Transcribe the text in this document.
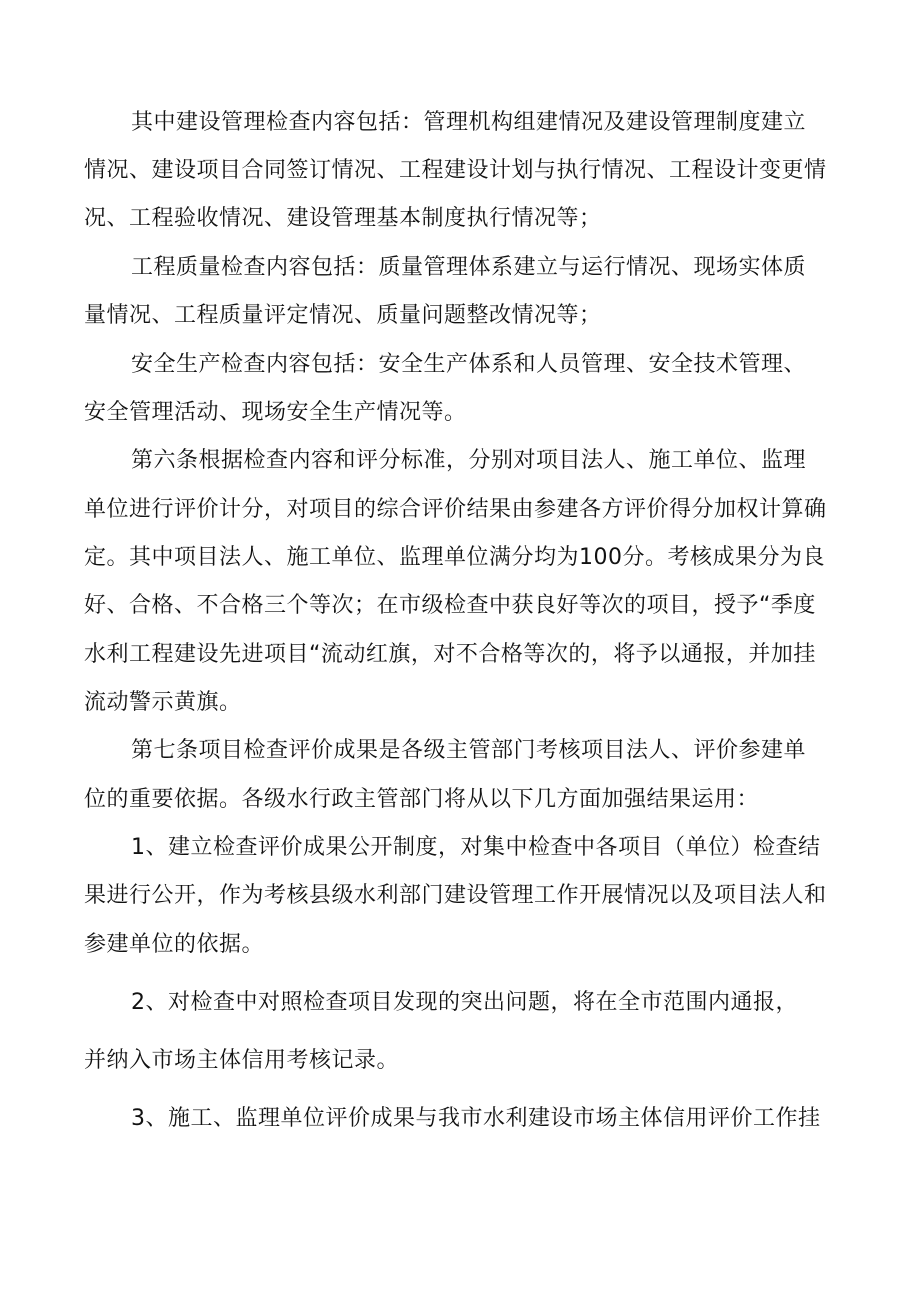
其中建设管理检查内容包括：管理机构组建情况及建设管理制度建立
情况、建设项目合同签订情况、工程建设计划与执行情况、工程设计变更情
况、工程验收情况、建设管理基本制度执行情况等；
工程质量检查内容包括：质量管理体系建立与运行情况、现场实体质
量情况、工程质量评定情况、质量问题整改情况等；
安全生产检查内容包括：安全生产体系和人员管理、安全技术管理、
安全管理活动、现场安全生产情况等。
第六条根据检查内容和评分标准，分别对项目法人、施工单位、监理
单位进行评价计分，对项目的综合评价结果由参建各方评价得分加权计算确
定。其中项目法人、施工单位、监理单位满分均为100分。考核成果分为良
好、合格、不合格三个等次；在市级检查中获良好等次的项目，授予“季度
水利工程建设先进项目“流动红旗，对不合格等次的，将予以通报，并加挂
流动警示黄旗。
第七条项目检查评价成果是各级主管部门考核项目法人、评价参建单
位的重要依据。各级水行政主管部门将从以下几方面加强结果运用：
1、建立检查评价成果公开制度，对集中检查中各项目（单位）检查结
果进行公开，作为考核县级水利部门建设管理工作开展情况以及项目法人和
参建单位的依据。
2、对检查中对照检查项目发现的突出问题，将在全市范围内通报，
并纳入市场主体信用考核记录。
3、施工、监理单位评价成果与我市水利建设市场主体信用评价工作挂
